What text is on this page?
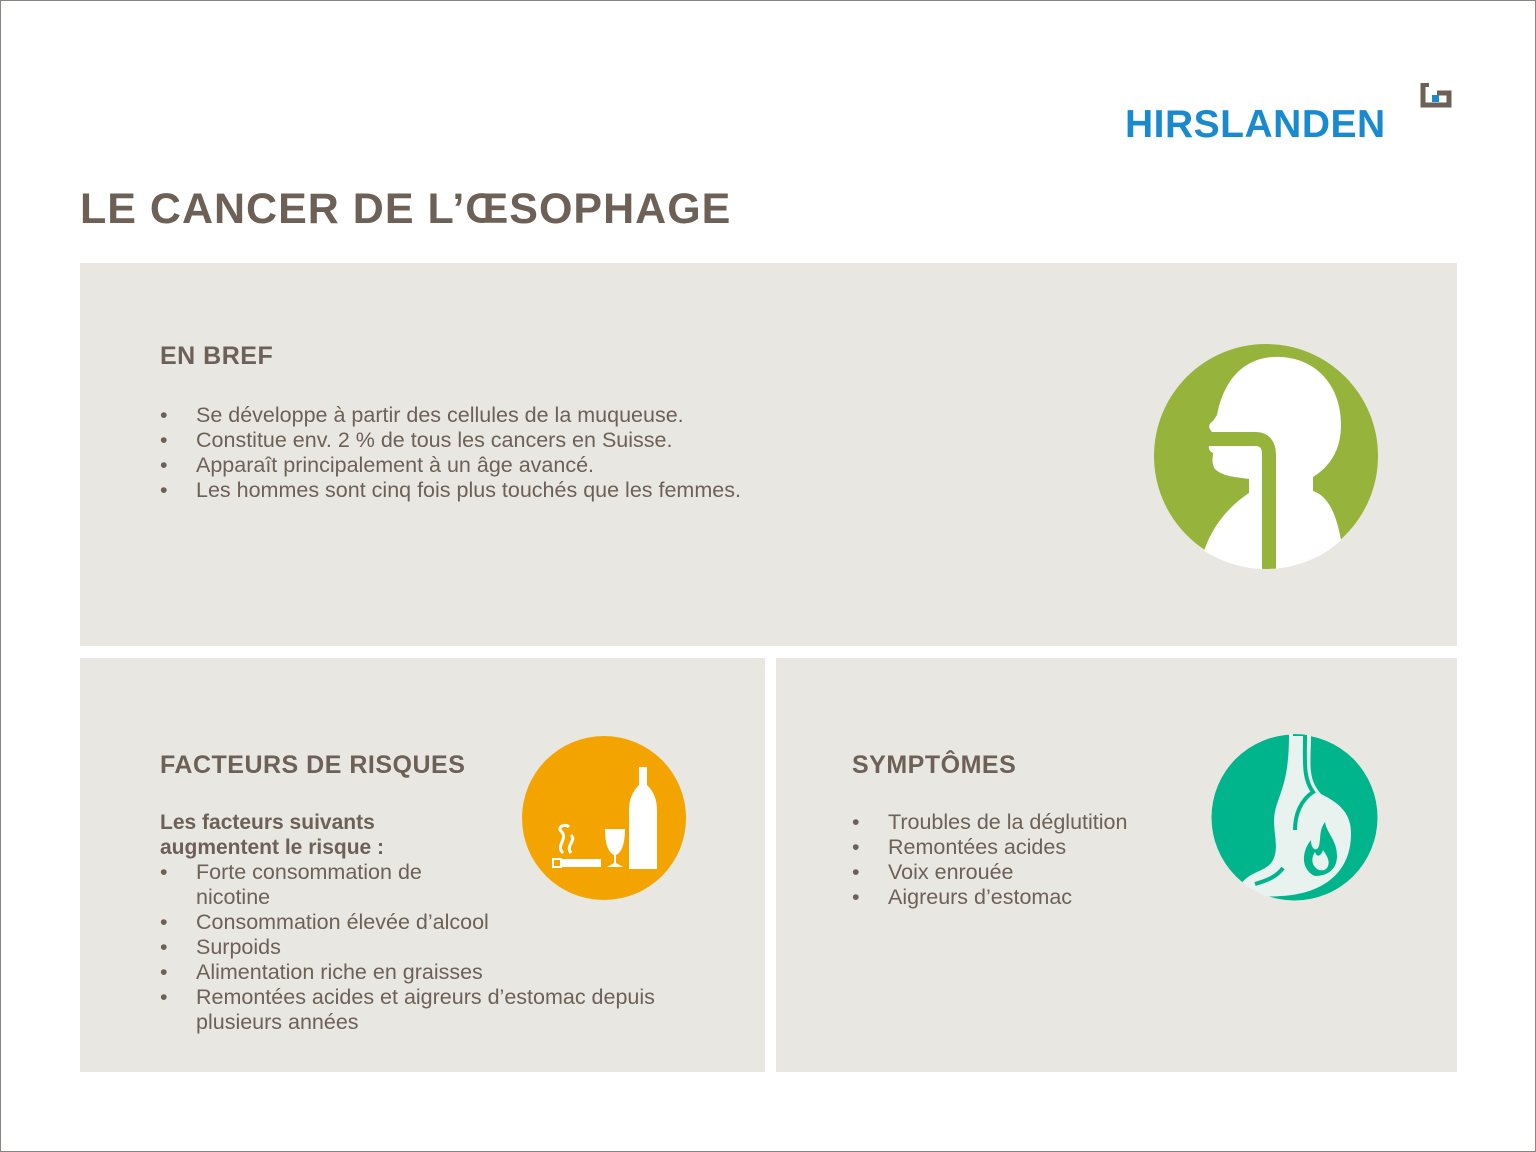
HIRSLANDEN
LE CANCER DE L’ŒSOPHAGE
EN BREF
• Se développe à partir des cellules de la muqueuse.
• Constitue env. 2 % de tous les cancers en Suisse.
• Apparaît principalement à un âge avancé.
• Les hommes sont cinq fois plus touchés que les femmes.
FACTEURS DE RISQUES

Les facteurs suivants
augmentent le risque :

• Forte consommation de nicotine
• Consommation élevée d’alcool
• Surpoids
• Alimentation riche en graisses
• Remontées acides et aigreurs d’estomac depuis plusieurs années
SYMPTÔMES
• Troubles de la déglutition
• Remontées acides
• Voix enrouée
• Aigreurs d’estomac
